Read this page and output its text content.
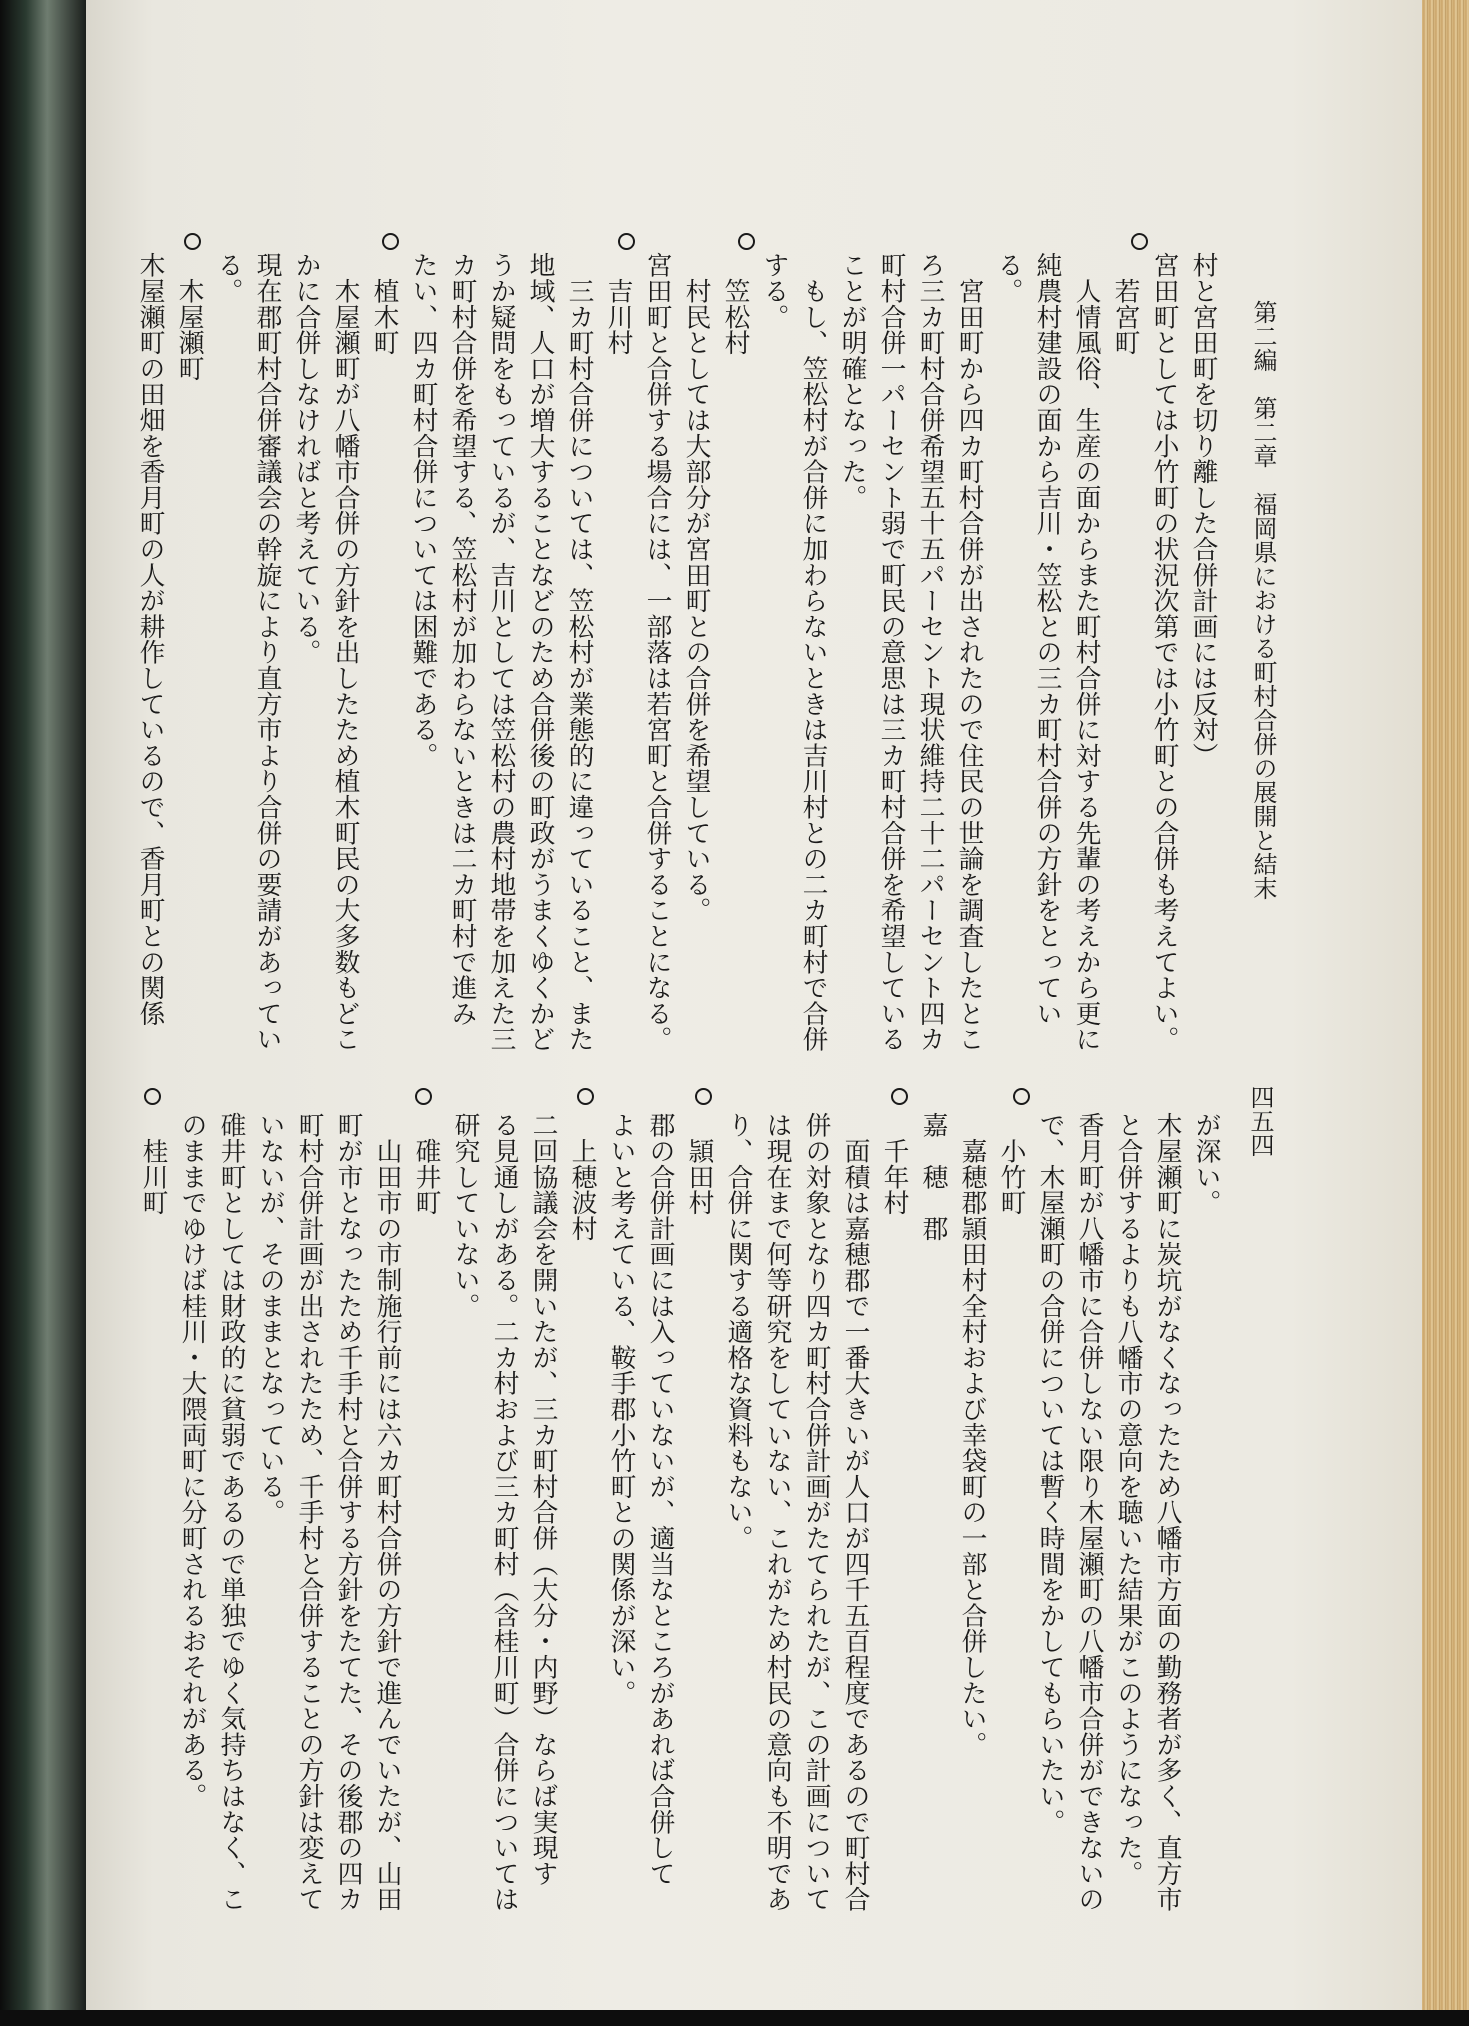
第二編　第二章　福岡県における町村合併の展開と結末
四五四

村と宮田町を切り離した合併計画には反対）

宮田町としては小竹町の状況次第では小竹町との合併も考えてよい。

　若宮町

　人情風俗、生産の面からまた町村合併に対する先輩の考えから更に

純農村建設の面から吉川・笠松との三カ町村合併の方針をとってい

る。

　宮田町から四カ町村合併が出されたので住民の世論を調査したとこ

ろ三カ町村合併希望五十五パーセント現状維持二十二パーセント四カ

町村合併一パーセント弱で町民の意思は三カ町村合併を希望している

ことが明確となった。

　もし、笠松村が合併に加わらないときは吉川村との二カ町村で合併

する。

　笠松村

　村民としては大部分が宮田町との合併を希望している。

宮田町と合併する場合には、一部落は若宮町と合併することになる。

　吉川村

　三カ町村合併については、笠松村が業態的に違っていること、また

地域、人口が増大することなどのため合併後の町政がうまくゆくかど

うか疑問をもっているが、吉川としては笠松村の農村地帯を加えた三

カ町村合併を希望する、笠松村が加わらないときは二カ町村で進み

たい、四カ町村合併については困難である。

　植木町

　木屋瀬町が八幡市合併の方針を出したため植木町民の大多数もどこ

かに合併しなければと考えている。

現在郡町村合併審議会の幹旋により直方市より合併の要請があってい

る。

　木屋瀬町

木屋瀬町の田畑を香月町の人が耕作しているので、香月町との関係

が深い。

木屋瀬町に炭坑がなくなったため八幡市方面の勤務者が多く、直方市

と合併するよりも八幡市の意向を聴いた結果がこのようになった。

香月町が八幡市に合併しない限り木屋瀬町の八幡市合併ができないの

で、木屋瀬町の合併については暫く時間をかしてもらいたい。

　小竹町

　嘉穂郡頴田村全村および幸袋町の一部と合併したい。

嘉　穂　郡

　千年村

　面積は嘉穂郡で一番大きいが人口が四千五百程度であるので町村合

併の対象となり四カ町村合併計画がたてられたが、この計画について

は現在まで何等研究をしていない、これがため村民の意向も不明であ

り、合併に関する適格な資料もない。

　頴田村

郡の合併計画には入っていないが、適当なところがあれば合併して

よいと考えている、鞍手郡小竹町との関係が深い。

　上穂波村

二回協議会を開いたが、三カ町村合併（大分・内野）ならば実現す

る見通しがある。二カ村および三カ町村（含桂川町）合併については

研究していない。

　碓井町

　山田市の市制施行前には六カ町村合併の方針で進んでいたが、山田

町が市となったため千手村と合併する方針をたてた、その後郡の四カ

町村合併計画が出されたため、千手村と合併することの方針は変えて

いないが、そのままとなっている。

碓井町としては財政的に貧弱であるので単独でゆく気持ちはなく、こ

のままでゆけば桂川・大隈両町に分町されるおそれがある。

　桂川町
